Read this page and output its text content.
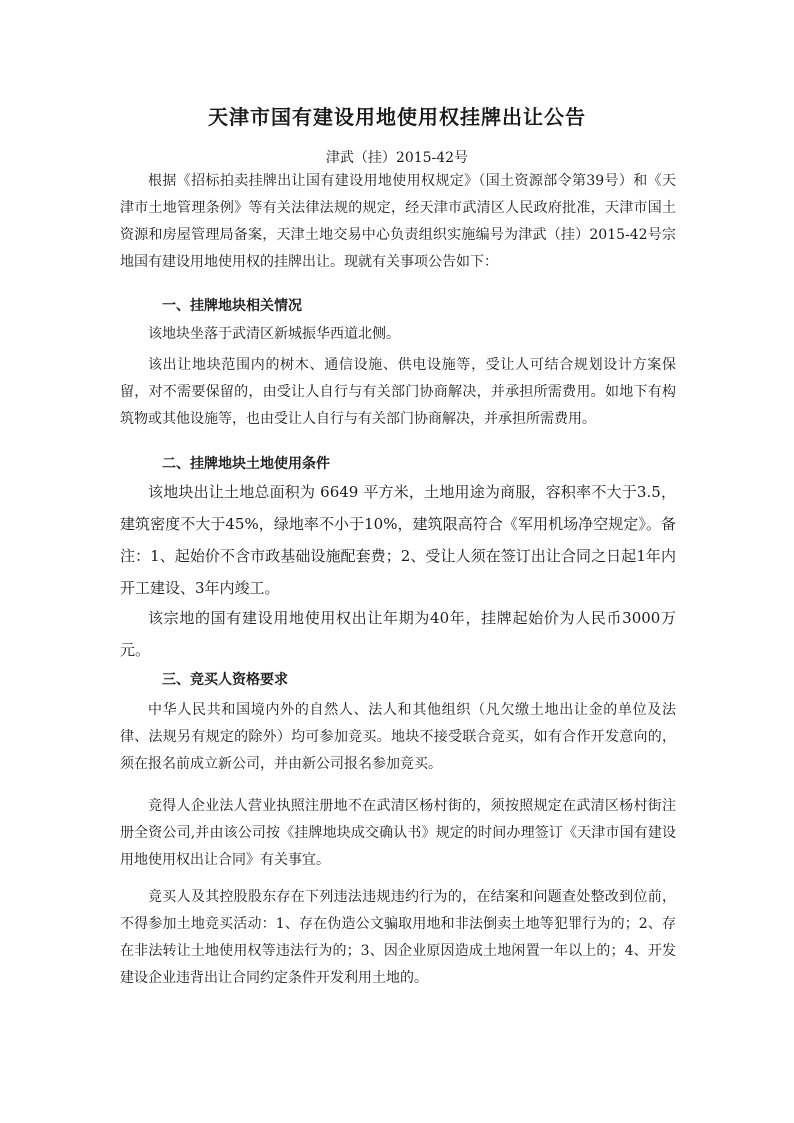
天津市国有建设用地使用权挂牌出让公告
津武（挂）2015-42号

根据《招标拍卖挂牌出让国有建设用地使用权规定》（国土资源部令第39号）和《天津市土地管理条例》等有关法律法规的规定，经天津市武清区人民政府批准，天津市国土资源和房屋管理局备案，天津土地交易中心负责组织实施编号为津武（挂）2015-42号宗地国有建设用地使用权的挂牌出让。现就有关事项公告如下：

一、挂牌地块相关情况

该地块坐落于武清区新城振华西道北侧。

该出让地块范围内的树木、通信设施、供电设施等，受让人可结合规划设计方案保留，对不需要保留的，由受让人自行与有关部门协商解决，并承担所需费用。如地下有构筑物或其他设施等，也由受让人自行与有关部门协商解决，并承担所需费用。

二、挂牌地块土地使用条件

该地块出让土地总面积为 6649 平方米，土地用途为商服，容积率不大于3.5，建筑密度不大于45%，绿地率不小于10%，建筑限高符合《军用机场净空规定》。备注：1、起始价不含市政基础设施配套费；2、受让人须在签订出让合同之日起1年内开工建设、3年内竣工。

该宗地的国有建设用地使用权出让年期为40年，挂牌起始价为人民币3000万元。

三、竞买人资格要求

中华人民共和国境内外的自然人、法人和其他组织（凡欠缴土地出让金的单位及法律、法规另有规定的除外）均可参加竞买。地块不接受联合竞买，如有合作开发意向的，须在报名前成立新公司，并由新公司报名参加竞买。

竞得人企业法人营业执照注册地不在武清区杨村街的，须按照规定在武清区杨村街注册全资公司,并由该公司按《挂牌地块成交确认书》规定的时间办理签订《天津市国有建设用地使用权出让合同》有关事宜。

竞买人及其控股股东存在下列违法违规违约行为的，在结案和问题查处整改到位前，不得参加土地竞买活动：1、存在伪造公文骗取用地和非法倒卖土地等犯罪行为的；2、存在非法转让土地使用权等违法行为的；3、因企业原因造成土地闲置一年以上的；4、开发建设企业违背出让合同约定条件开发利用土地的。
